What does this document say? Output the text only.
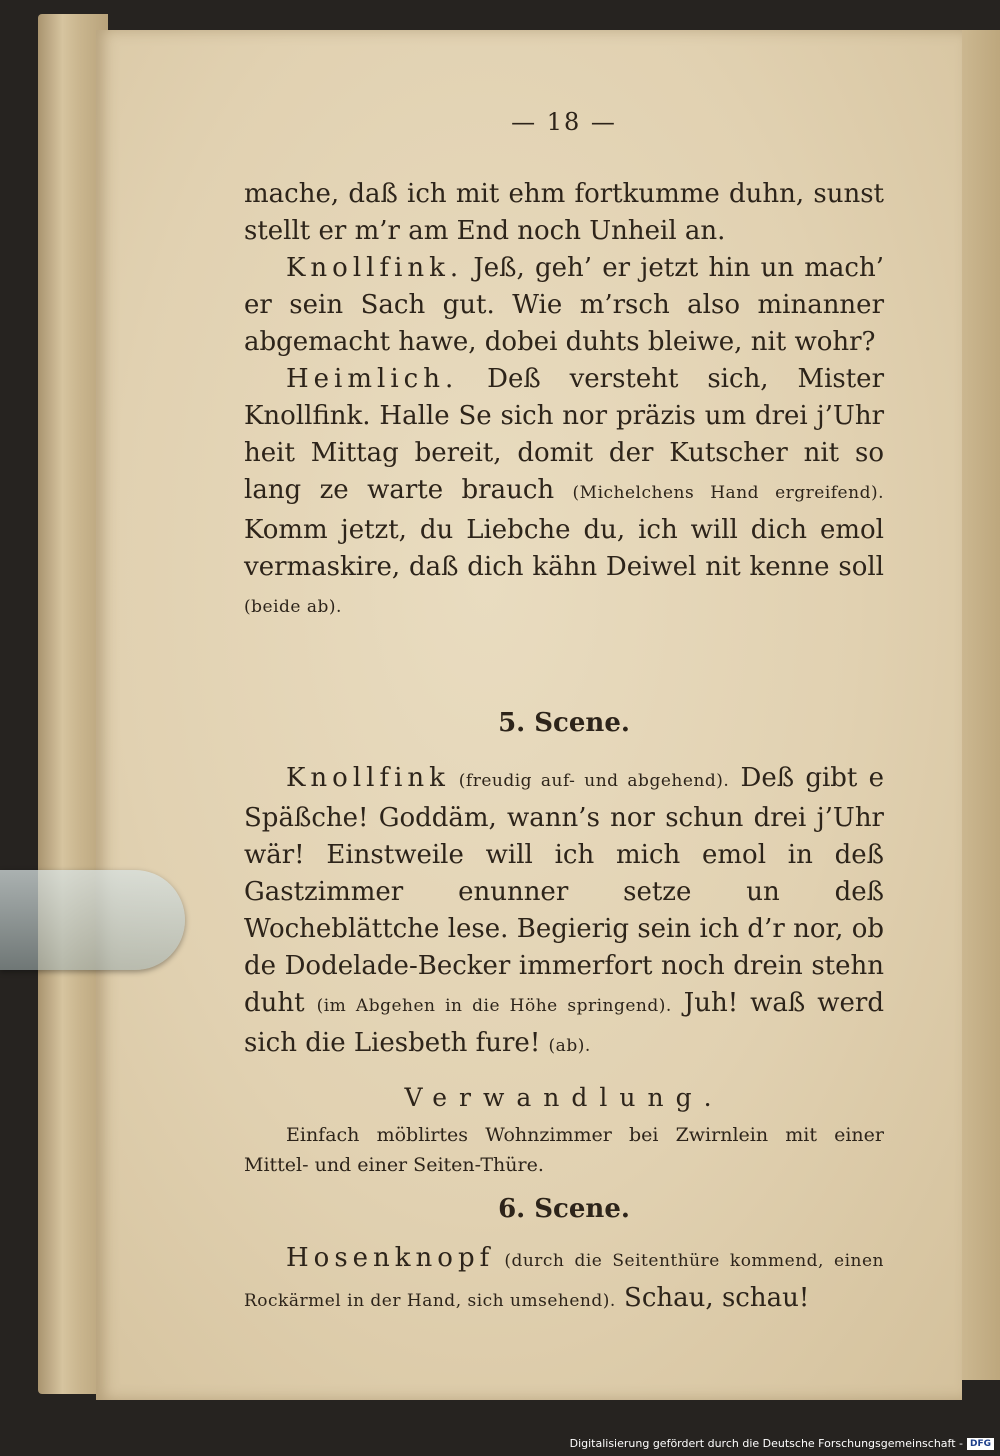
— 18 —

mache, daß ich mit ehm fortkumme duhn, sunst stellt er m’r am End noch Unheil an.

Knollfink. Jeß, geh’ er jetzt hin un mach’ er sein Sach gut. Wie m’rsch also minanner abgemacht hawe, dobei duhts bleiwe, nit wohr?

Heimlich. Deß versteht sich, Mister Knollfink. Halle Se sich nor präzis um drei j’Uhr heit Mittag bereit, domit der Kutscher nit so lang ze warte brauch (Michelchens Hand ergreifend). Komm jetzt, du Liebche du, ich will dich emol vermaskire, daß dich kähn Deiwel nit kenne soll (beide ab).

5. Scene.

Knollfink (freudig auf- und abgehend). Deß gibt e Späßche! Goddäm, wann’s nor schun drei j’Uhr wär! Einstweile will ich mich emol in deß Gastzimmer enunner setze un deß Wocheblättche lese. Begierig sein ich d’r nor, ob de Dodelade-Becker immerfort noch drein stehn duht (im Abgehen in die Höhe springend). Juh! waß werd sich die Liesbeth fure! (ab).

Verwandlung.

Einfach möblirtes Wohnzimmer bei Zwirnlein mit einer Mittel- und einer Seiten-Thüre.

6. Scene.

Hosenknopf (durch die Seitenthüre kommend, einen Rockärmel in der Hand, sich umsehend). Schau, schau!

Digitalisierung gefördert durch die Deutsche Forschungsgemeinschaft - DFG
